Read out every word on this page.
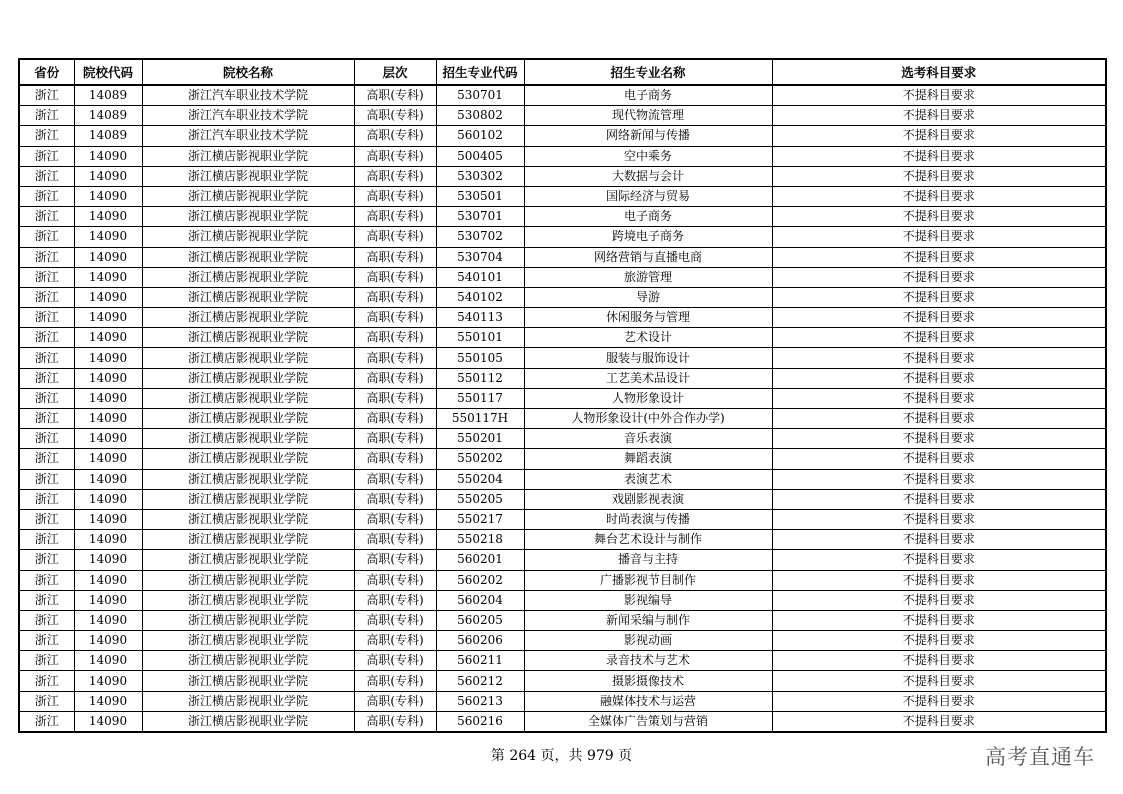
省份	院校代码	院校名称	层次	招生专业代码	招生专业名称	选考科目要求
浙江	14089	浙江汽车职业技术学院	高职(专科)	530701	电子商务	不提科目要求
浙江	14089	浙江汽车职业技术学院	高职(专科)	530802	现代物流管理	不提科目要求
浙江	14089	浙江汽车职业技术学院	高职(专科)	560102	网络新闻与传播	不提科目要求
浙江	14090	浙江横店影视职业学院	高职(专科)	500405	空中乘务	不提科目要求
浙江	14090	浙江横店影视职业学院	高职(专科)	530302	大数据与会计	不提科目要求
浙江	14090	浙江横店影视职业学院	高职(专科)	530501	国际经济与贸易	不提科目要求
浙江	14090	浙江横店影视职业学院	高职(专科)	530701	电子商务	不提科目要求
浙江	14090	浙江横店影视职业学院	高职(专科)	530702	跨境电子商务	不提科目要求
浙江	14090	浙江横店影视职业学院	高职(专科)	530704	网络营销与直播电商	不提科目要求
浙江	14090	浙江横店影视职业学院	高职(专科)	540101	旅游管理	不提科目要求
浙江	14090	浙江横店影视职业学院	高职(专科)	540102	导游	不提科目要求
浙江	14090	浙江横店影视职业学院	高职(专科)	540113	休闲服务与管理	不提科目要求
浙江	14090	浙江横店影视职业学院	高职(专科)	550101	艺术设计	不提科目要求
浙江	14090	浙江横店影视职业学院	高职(专科)	550105	服装与服饰设计	不提科目要求
浙江	14090	浙江横店影视职业学院	高职(专科)	550112	工艺美术品设计	不提科目要求
浙江	14090	浙江横店影视职业学院	高职(专科)	550117	人物形象设计	不提科目要求
浙江	14090	浙江横店影视职业学院	高职(专科)	550117H	人物形象设计(中外合作办学)	不提科目要求
浙江	14090	浙江横店影视职业学院	高职(专科)	550201	音乐表演	不提科目要求
浙江	14090	浙江横店影视职业学院	高职(专科)	550202	舞蹈表演	不提科目要求
浙江	14090	浙江横店影视职业学院	高职(专科)	550204	表演艺术	不提科目要求
浙江	14090	浙江横店影视职业学院	高职(专科)	550205	戏剧影视表演	不提科目要求
浙江	14090	浙江横店影视职业学院	高职(专科)	550217	时尚表演与传播	不提科目要求
浙江	14090	浙江横店影视职业学院	高职(专科)	550218	舞台艺术设计与制作	不提科目要求
浙江	14090	浙江横店影视职业学院	高职(专科)	560201	播音与主持	不提科目要求
浙江	14090	浙江横店影视职业学院	高职(专科)	560202	广播影视节目制作	不提科目要求
浙江	14090	浙江横店影视职业学院	高职(专科)	560204	影视编导	不提科目要求
浙江	14090	浙江横店影视职业学院	高职(专科)	560205	新闻采编与制作	不提科目要求
浙江	14090	浙江横店影视职业学院	高职(专科)	560206	影视动画	不提科目要求
浙江	14090	浙江横店影视职业学院	高职(专科)	560211	录音技术与艺术	不提科目要求
浙江	14090	浙江横店影视职业学院	高职(专科)	560212	摄影摄像技术	不提科目要求
浙江	14090	浙江横店影视职业学院	高职(专科)	560213	融媒体技术与运营	不提科目要求
浙江	14090	浙江横店影视职业学院	高职(专科)	560216	全媒体广告策划与营销	不提科目要求
第 264 页，共 979 页	高考直通车
